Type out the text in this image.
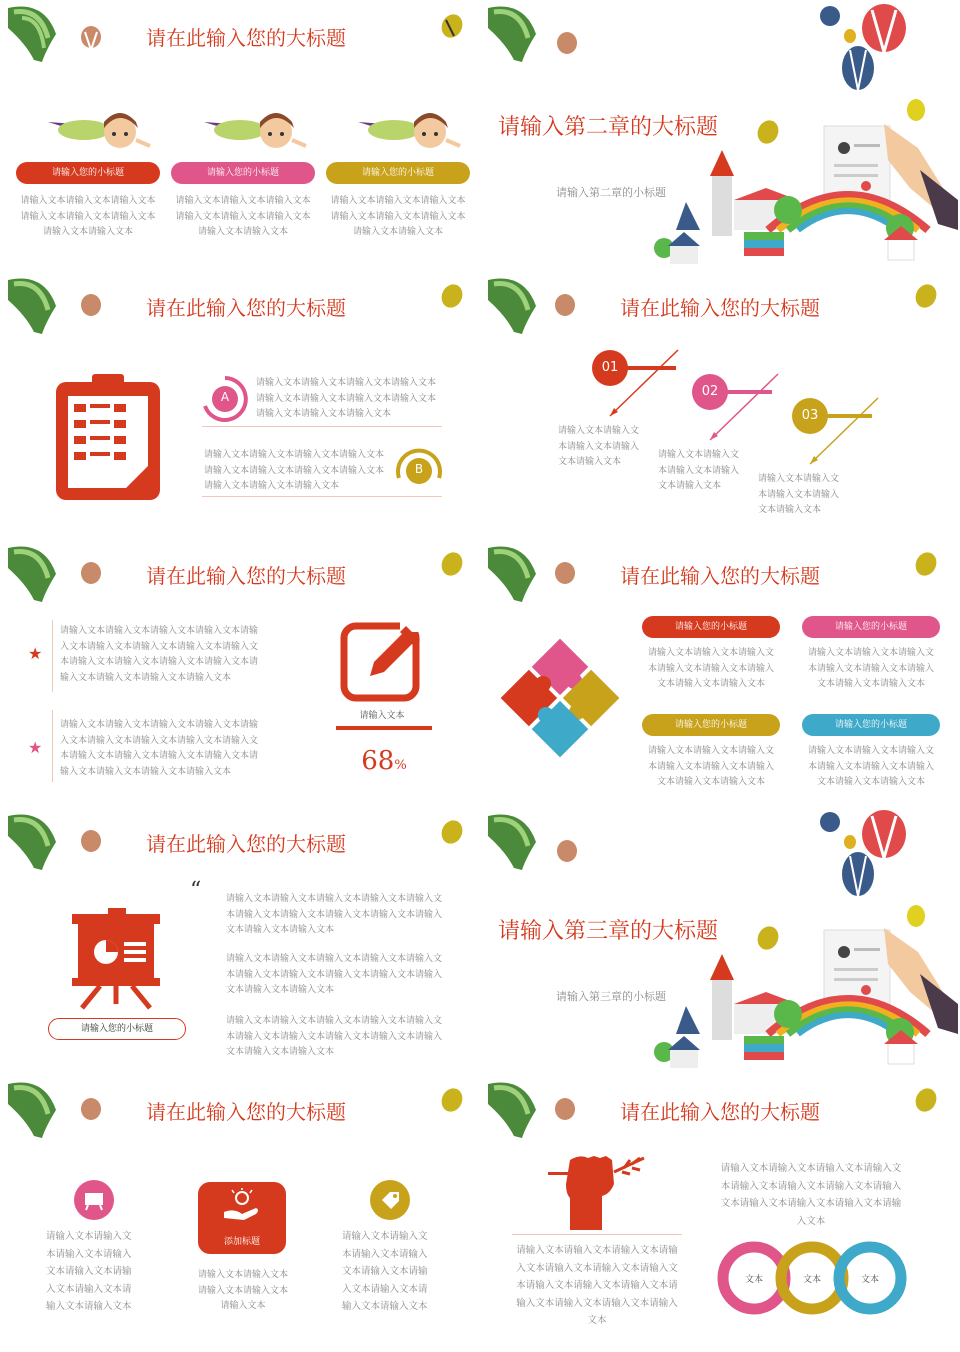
请在此输入您的大标题
请输入您的小标题	请输入您的小标题	请输入您的小标题
请输入文本请输入文本请输入文本请输入文本请输入文本请输入文本请输入文本请输入文本
请输入文本请输入文本请输入文本请输入文本请输入文本请输入文本请输入文本请输入文本
请输入文本请输入文本请输入文本请输入文本请输入文本请输入文本请输入文本请输入文本
请输入第二章的大标题
请输入第二章的小标题
请在此输入您的大标题
A
请输入文本请输入文本请输入文本请输入文本请输入文本请输入文本请输入文本请输入文本请输入文本请输入文本请输入文本
请输入文本请输入文本请输入文本请输入文本请输入文本请输入文本请输入文本请输入文本请输入文本请输入文本请输入文本
B
请在此输入您的大标题
01
请输入文本请输入文本请输入文本请输入文本请输入文本
02
请输入文本请输入文本请输入文本请输入文本请输入文本
03
请输入文本请输入文本请输入文本请输入文本请输入文本
请在此输入您的大标题
★
请输入文本请输入文本请输入文本请输入文本请输入文本请输入文本请输入文本请输入文本请输入文本请输入文本请输入文本请输入文本请输入文本请输入文本请输入文本请输入文本请输入文本
★
请输入文本请输入文本请输入文本请输入文本请输入文本请输入文本请输入文本请输入文本请输入文本请输入文本请输入文本请输入文本请输入文本请输入文本请输入文本请输入文本请输入文本
请输入文本
68%
请在此输入您的大标题
请输入您的小标题	请输入您的小标题
请输入文本请输入文本请输入文本请输入文本请输入文本请输入文本请输入文本请输入文本
请输入文本请输入文本请输入文本请输入文本请输入文本请输入文本请输入文本请输入文本
请输入您的小标题	请输入您的小标题
请输入文本请输入文本请输入文本请输入文本请输入文本请输入文本请输入文本请输入文本
请输入文本请输入文本请输入文本请输入文本请输入文本请输入文本请输入文本请输入文本
请在此输入您的大标题
请输入您的小标题
“	请输入文本请输入文本请输入文本请输入文本请输入文本请输入文本请输入文本请输入文本请输入文本请输入文本请输入文本请输入文本
请输入文本请输入文本请输入文本请输入文本请输入文本请输入文本请输入文本请输入文本请输入文本请输入文本请输入文本请输入文本
请输入文本请输入文本请输入文本请输入文本请输入文本请输入文本请输入文本请输入文本请输入文本请输入文本请输入文本请输入文本
请输入第三章的大标题
请输入第三章的小标题
请在此输入您的大标题
请输入文本请输入文本请输入文本请输入文本请输入文本请输入文本请输入文本请输入文本请输入文本
添加标题
请输入文本请输入文本请输入文本请输入文本请输入文本
请输入文本请输入文本请输入文本请输入文本请输入文本请输入文本请输入文本请输入文本请输入文本
请在此输入您的大标题
请输入文本请输入文本请输入文本请输入文本请输入文本请输入文本请输入文本请输入文本请输入文本请输入文本请输入文本请输入文本请输入文本请输入文本
请输入文本请输入文本请输入文本请输入文本请输入文本请输入文本请输入文本请输入文本请输入文本请输入文本请输入文本请输入文本
文本	文本	文本
